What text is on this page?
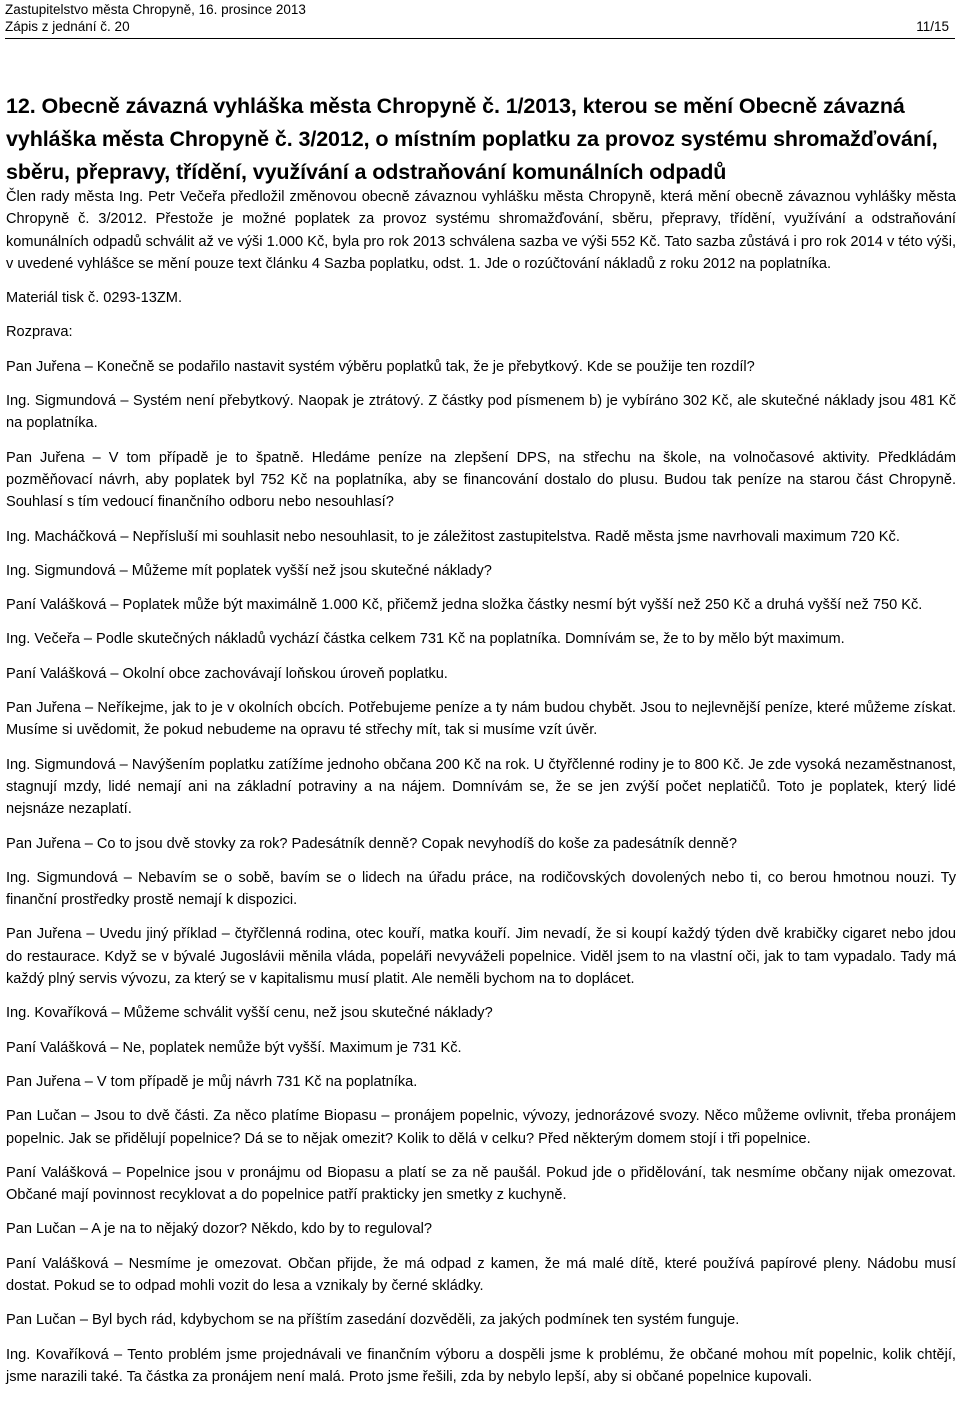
Zastupitelstvo města Chropyně, 16. prosince 2013
Zápis z jednání č. 20	11/15
12. Obecně závazná vyhláška města Chropyně č. 1/2013, kterou se mění Obecně závazná vyhláška města Chropyně č. 3/2012, o místním poplatku za provoz systému shromažďování, sběru, přepravy, třídění, využívání a odstraňování komunálních odpadů

Člen rady města Ing. Petr Večeřa předložil změnovou obecně závaznou vyhlášku města Chropyně, která mění obecně závaznou vyhlášky města Chropyně č. 3/2012. Přestože je možné poplatek za provoz systému shromažďování, sběru, přepravy, třídění, využívání a odstraňování komunálních odpadů schválit až ve výši 1.000 Kč, byla pro rok 2013 schválena sazba ve výši 552 Kč. Tato sazba zůstává i pro rok 2014 v této výši, v uvedené vyhlášce se mění pouze text článku 4 Sazba poplatku, odst. 1. Jde o rozúčtování nákladů z roku 2012 na poplatníka.

Materiál tisk č. 0293-13ZM.

Rozprava:

Pan Juřena – Konečně se podařilo nastavit systém výběru poplatků tak, že je přebytkový. Kde se použije ten rozdíl?

Ing. Sigmundová – Systém není přebytkový. Naopak je ztrátový. Z částky pod písmenem b) je vybíráno 302 Kč, ale skutečné náklady jsou 481 Kč na poplatníka.

Pan Juřena – V tom případě je to špatně. Hledáme peníze na zlepšení DPS, na střechu na škole, na volnočasové aktivity. Předkládám pozměňovací návrh, aby poplatek byl 752 Kč na poplatníka, aby se financování dostalo do plusu. Budou tak peníze na starou část Chropyně. Souhlasí s tím vedoucí finančního odboru nebo nesouhlasí?

Ing. Macháčková – Nepřísluší mi souhlasit nebo nesouhlasit, to je záležitost zastupitelstva. Radě města jsme navrhovali maximum 720 Kč.

Ing. Sigmundová – Můžeme mít poplatek vyšší než jsou skutečné náklady?

Paní Valášková – Poplatek může být maximálně 1.000 Kč, přičemž jedna složka částky nesmí být vyšší než 250 Kč a druhá vyšší než 750 Kč.

Ing. Večeřa – Podle skutečných nákladů vychází částka celkem 731 Kč na poplatníka. Domnívám se, že to by mělo být maximum.

Paní Valášková – Okolní obce zachovávají loňskou úroveň poplatku.

Pan Juřena – Neříkejme, jak to je v okolních obcích. Potřebujeme peníze a ty nám budou chybět. Jsou to nejlevnější peníze, které můžeme získat. Musíme si uvědomit, že pokud nebudeme na opravu té střechy mít, tak si musíme vzít úvěr.

Ing. Sigmundová – Navýšením poplatku zatížíme jednoho občana 200 Kč na rok. U čtyřčlenné rodiny je to 800 Kč. Je zde vysoká nezaměstnanost, stagnují mzdy, lidé nemají ani na základní potraviny a na nájem. Domnívám se, že se jen zvýší počet neplatičů. Toto je poplatek, který lidé nejsnáze nezaplatí.

Pan Juřena – Co to jsou dvě stovky za rok? Padesátník denně? Copak nevyhodíš do koše za padesátník denně?

Ing. Sigmundová – Nebavím se o sobě, bavím se o lidech na úřadu práce, na rodičovských dovolených nebo ti, co berou hmotnou nouzi. Ty finanční prostředky prostě nemají k dispozici.

Pan Juřena – Uvedu jiný příklad – čtyřčlenná rodina, otec kouří, matka kouří. Jim nevadí, že si koupí každý týden dvě krabičky cigaret nebo jdou do restaurace. Když se v bývalé Jugoslávii měnila vláda, popeláři nevyváželi popelnice. Viděl jsem to na vlastní oči, jak to tam vypadalo. Tady má každý plný servis vývozu, za který se v kapitalismu musí platit. Ale neměli bychom na to doplácet.

Ing. Kovaříková – Můžeme schválit vyšší cenu, než jsou skutečné náklady?

Paní Valášková – Ne, poplatek nemůže být vyšší. Maximum je 731 Kč.

Pan Juřena – V tom případě je můj návrh 731 Kč na poplatníka.

Pan Lučan – Jsou to dvě části. Za něco platíme Biopasu – pronájem popelnic, vývozy, jednorázové svozy. Něco můžeme ovlivnit, třeba pronájem popelnic. Jak se přidělují popelnice? Dá se to nějak omezit? Kolik to dělá v celku? Před některým domem stojí i tři popelnice.

Paní Valášková – Popelnice jsou v pronájmu od Biopasu a platí se za ně paušál. Pokud jde o přidělování, tak nesmíme občany nijak omezovat. Občané mají povinnost recyklovat a do popelnice patří prakticky jen smetky z kuchyně.

Pan Lučan – A je na to nějaký dozor? Někdo, kdo by to reguloval?

Paní Valášková – Nesmíme je omezovat. Občan přijde, že má odpad z kamen, že má malé dítě, které používá papírové pleny. Nádobu musí dostat. Pokud se to odpad mohli vozit do lesa a vznikaly by černé skládky.

Pan Lučan – Byl bych rád, kdybychom se na příštím zasedání dozvěděli, za jakých podmínek ten systém funguje.

Ing. Kovaříková – Tento problém jsme projednávali ve finančním výboru a dospěli jsme k problému, že občané mohou mít popelnic, kolik chtějí, jsme narazili také. Ta částka za pronájem není malá. Proto jsme řešili, zda by nebylo lepší, aby si občané popelnice kupovali.
